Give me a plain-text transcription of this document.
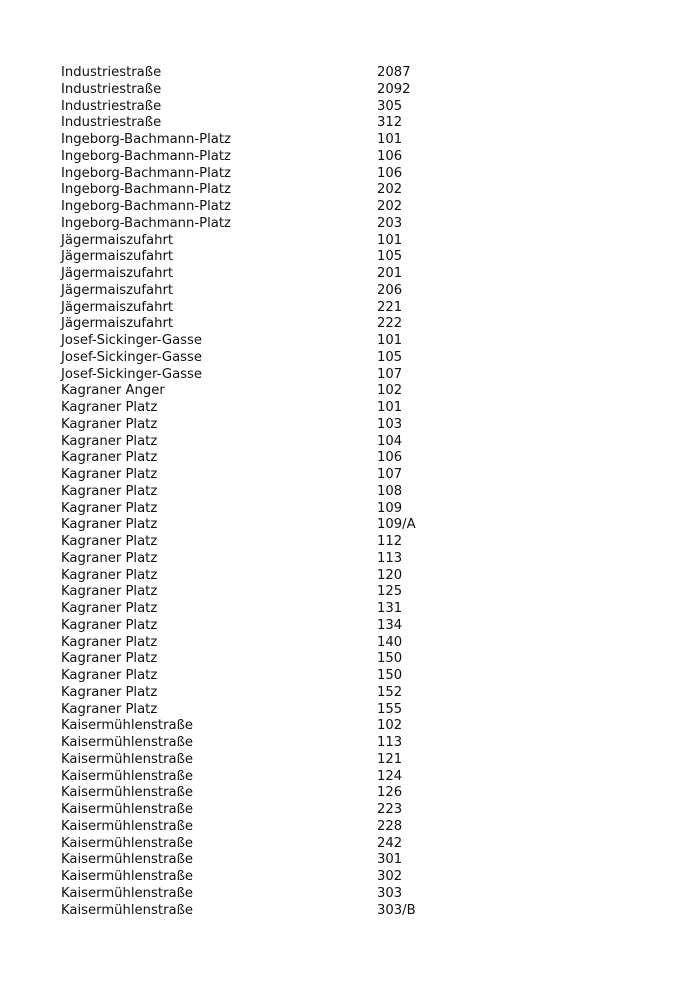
Industriestraße	2087
Industriestraße	2092
Industriestraße	305
Industriestraße	312
Ingeborg-Bachmann-Platz	101
Ingeborg-Bachmann-Platz	106
Ingeborg-Bachmann-Platz	106
Ingeborg-Bachmann-Platz	202
Ingeborg-Bachmann-Platz	202
Ingeborg-Bachmann-Platz	203
Jägermaiszufahrt	101
Jägermaiszufahrt	105
Jägermaiszufahrt	201
Jägermaiszufahrt	206
Jägermaiszufahrt	221
Jägermaiszufahrt	222
Josef-Sickinger-Gasse	101
Josef-Sickinger-Gasse	105
Josef-Sickinger-Gasse	107
Kagraner Anger	102
Kagraner Platz	101
Kagraner Platz	103
Kagraner Platz	104
Kagraner Platz	106
Kagraner Platz	107
Kagraner Platz	108
Kagraner Platz	109
Kagraner Platz	109/A
Kagraner Platz	112
Kagraner Platz	113
Kagraner Platz	120
Kagraner Platz	125
Kagraner Platz	131
Kagraner Platz	134
Kagraner Platz	140
Kagraner Platz	150
Kagraner Platz	150
Kagraner Platz	152
Kagraner Platz	155
Kaisermühlenstraße	102
Kaisermühlenstraße	113
Kaisermühlenstraße	121
Kaisermühlenstraße	124
Kaisermühlenstraße	126
Kaisermühlenstraße	223
Kaisermühlenstraße	228
Kaisermühlenstraße	242
Kaisermühlenstraße	301
Kaisermühlenstraße	302
Kaisermühlenstraße	303
Kaisermühlenstraße	303/B
